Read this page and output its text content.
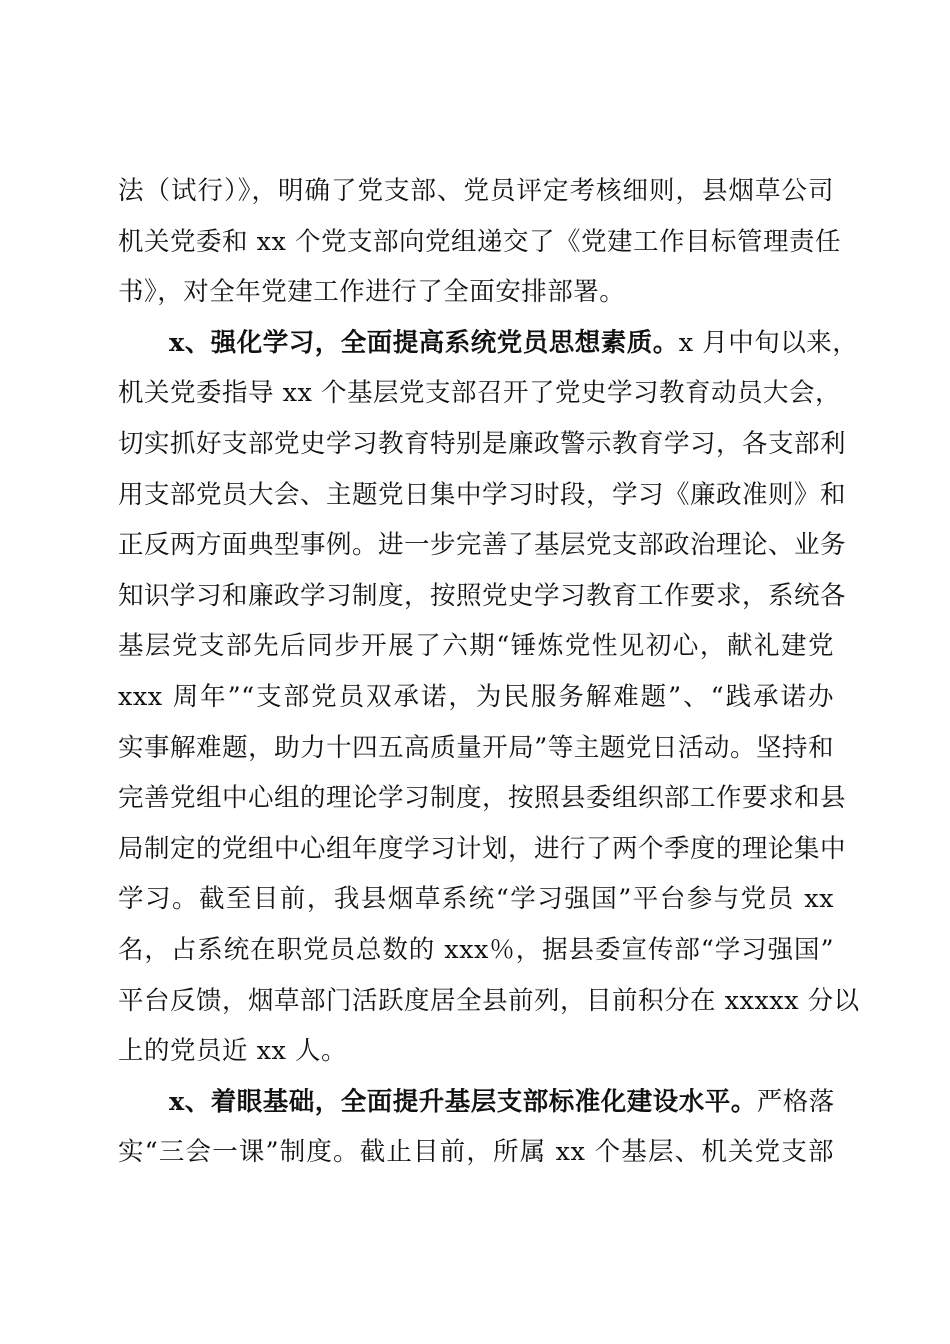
法（试行）》，明确了党支部、党员评定考核细则，县烟草公司
机关党委和 xx 个党支部向党组递交了《党建工作目标管理责任
书》，对全年党建工作进行了全面安排部署。

x、强化学习，全面提高系统党员思想素质。x 月中旬以来，
机关党委指导 xx 个基层党支部召开了党史学习教育动员大会，
切实抓好支部党史学习教育特别是廉政警示教育学习，各支部利
用支部党员大会、主题党日集中学习时段，学习《廉政准则》和
正反两方面典型事例。进一步完善了基层党支部政治理论、业务
知识学习和廉政学习制度，按照党史学习教育工作要求，系统各
基层党支部先后同步开展了六期“锤炼党性见初心，献礼建党
xxx 周年”“支部党员双承诺，为民服务解难题”、“践承诺办
实事解难题，助力十四五高质量开局”等主题党日活动。坚持和
完善党组中心组的理论学习制度，按照县委组织部工作要求和县
局制定的党组中心组年度学习计划，进行了两个季度的理论集中
学习。截至目前，我县烟草系统“学习强国”平台参与党员 xx
名，占系统在职党员总数的 xxx％，据县委宣传部“学习强国”
平台反馈，烟草部门活跃度居全县前列，目前积分在 xxxxx 分以
上的党员近 xx 人。

x、着眼基础，全面提升基层支部标准化建设水平。严格落
实“三会一课”制度。截止目前，所属 xx 个基层、机关党支部
